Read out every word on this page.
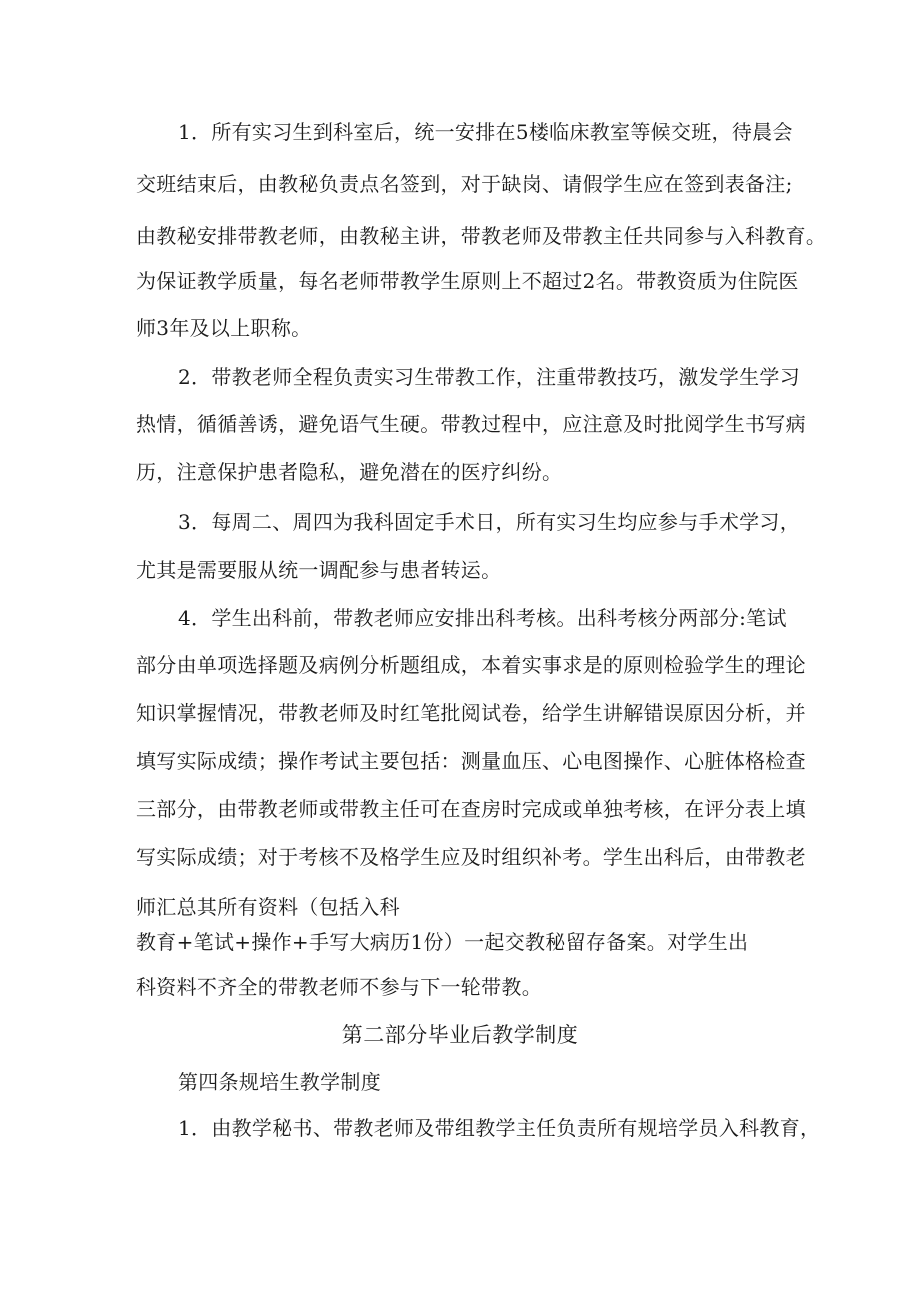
1．所有实习生到科室后，统一安排在5楼临床教室等候交班，待晨会
交班结束后，由教秘负责点名签到，对于缺岗、请假学生应在签到表备注;
由教秘安排带教老师，由教秘主讲，带教老师及带教主任共同参与入科教育。
为保证教学质量，每名老师带教学生原则上不超过2名。带教资质为住院医
师3年及以上职称。
2．带教老师全程负责实习生带教工作，注重带教技巧，激发学生学习
热情，循循善诱，避免语气生硬。带教过程中，应注意及时批阅学生书写病
历，注意保护患者隐私，避免潜在的医疗纠纷。
3．每周二、周四为我科固定手术日，所有实习生均应参与手术学习，
尤其是需要服从统一调配参与患者转运。
4．学生出科前，带教老师应安排出科考核。出科考核分两部分:笔试
部分由单项选择题及病例分析题组成，本着实事求是的原则检验学生的理论
知识掌握情况，带教老师及时红笔批阅试卷，给学生讲解错误原因分析，并
填写实际成绩；操作考试主要包括：测量血压、心电图操作、心脏体格检查
三部分，由带教老师或带教主任可在查房时完成或单独考核，在评分表上填
写实际成绩；对于考核不及格学生应及时组织补考。学生出科后，由带教老
师汇总其所有资料（包括入科
教育+笔试+操作+手写大病历1份）一起交教秘留存备案。对学生出
科资料不齐全的带教老师不参与下一轮带教。
第二部分毕业后教学制度
第四条规培生教学制度
1．由教学秘书、带教老师及带组教学主任负责所有规培学员入科教育，
